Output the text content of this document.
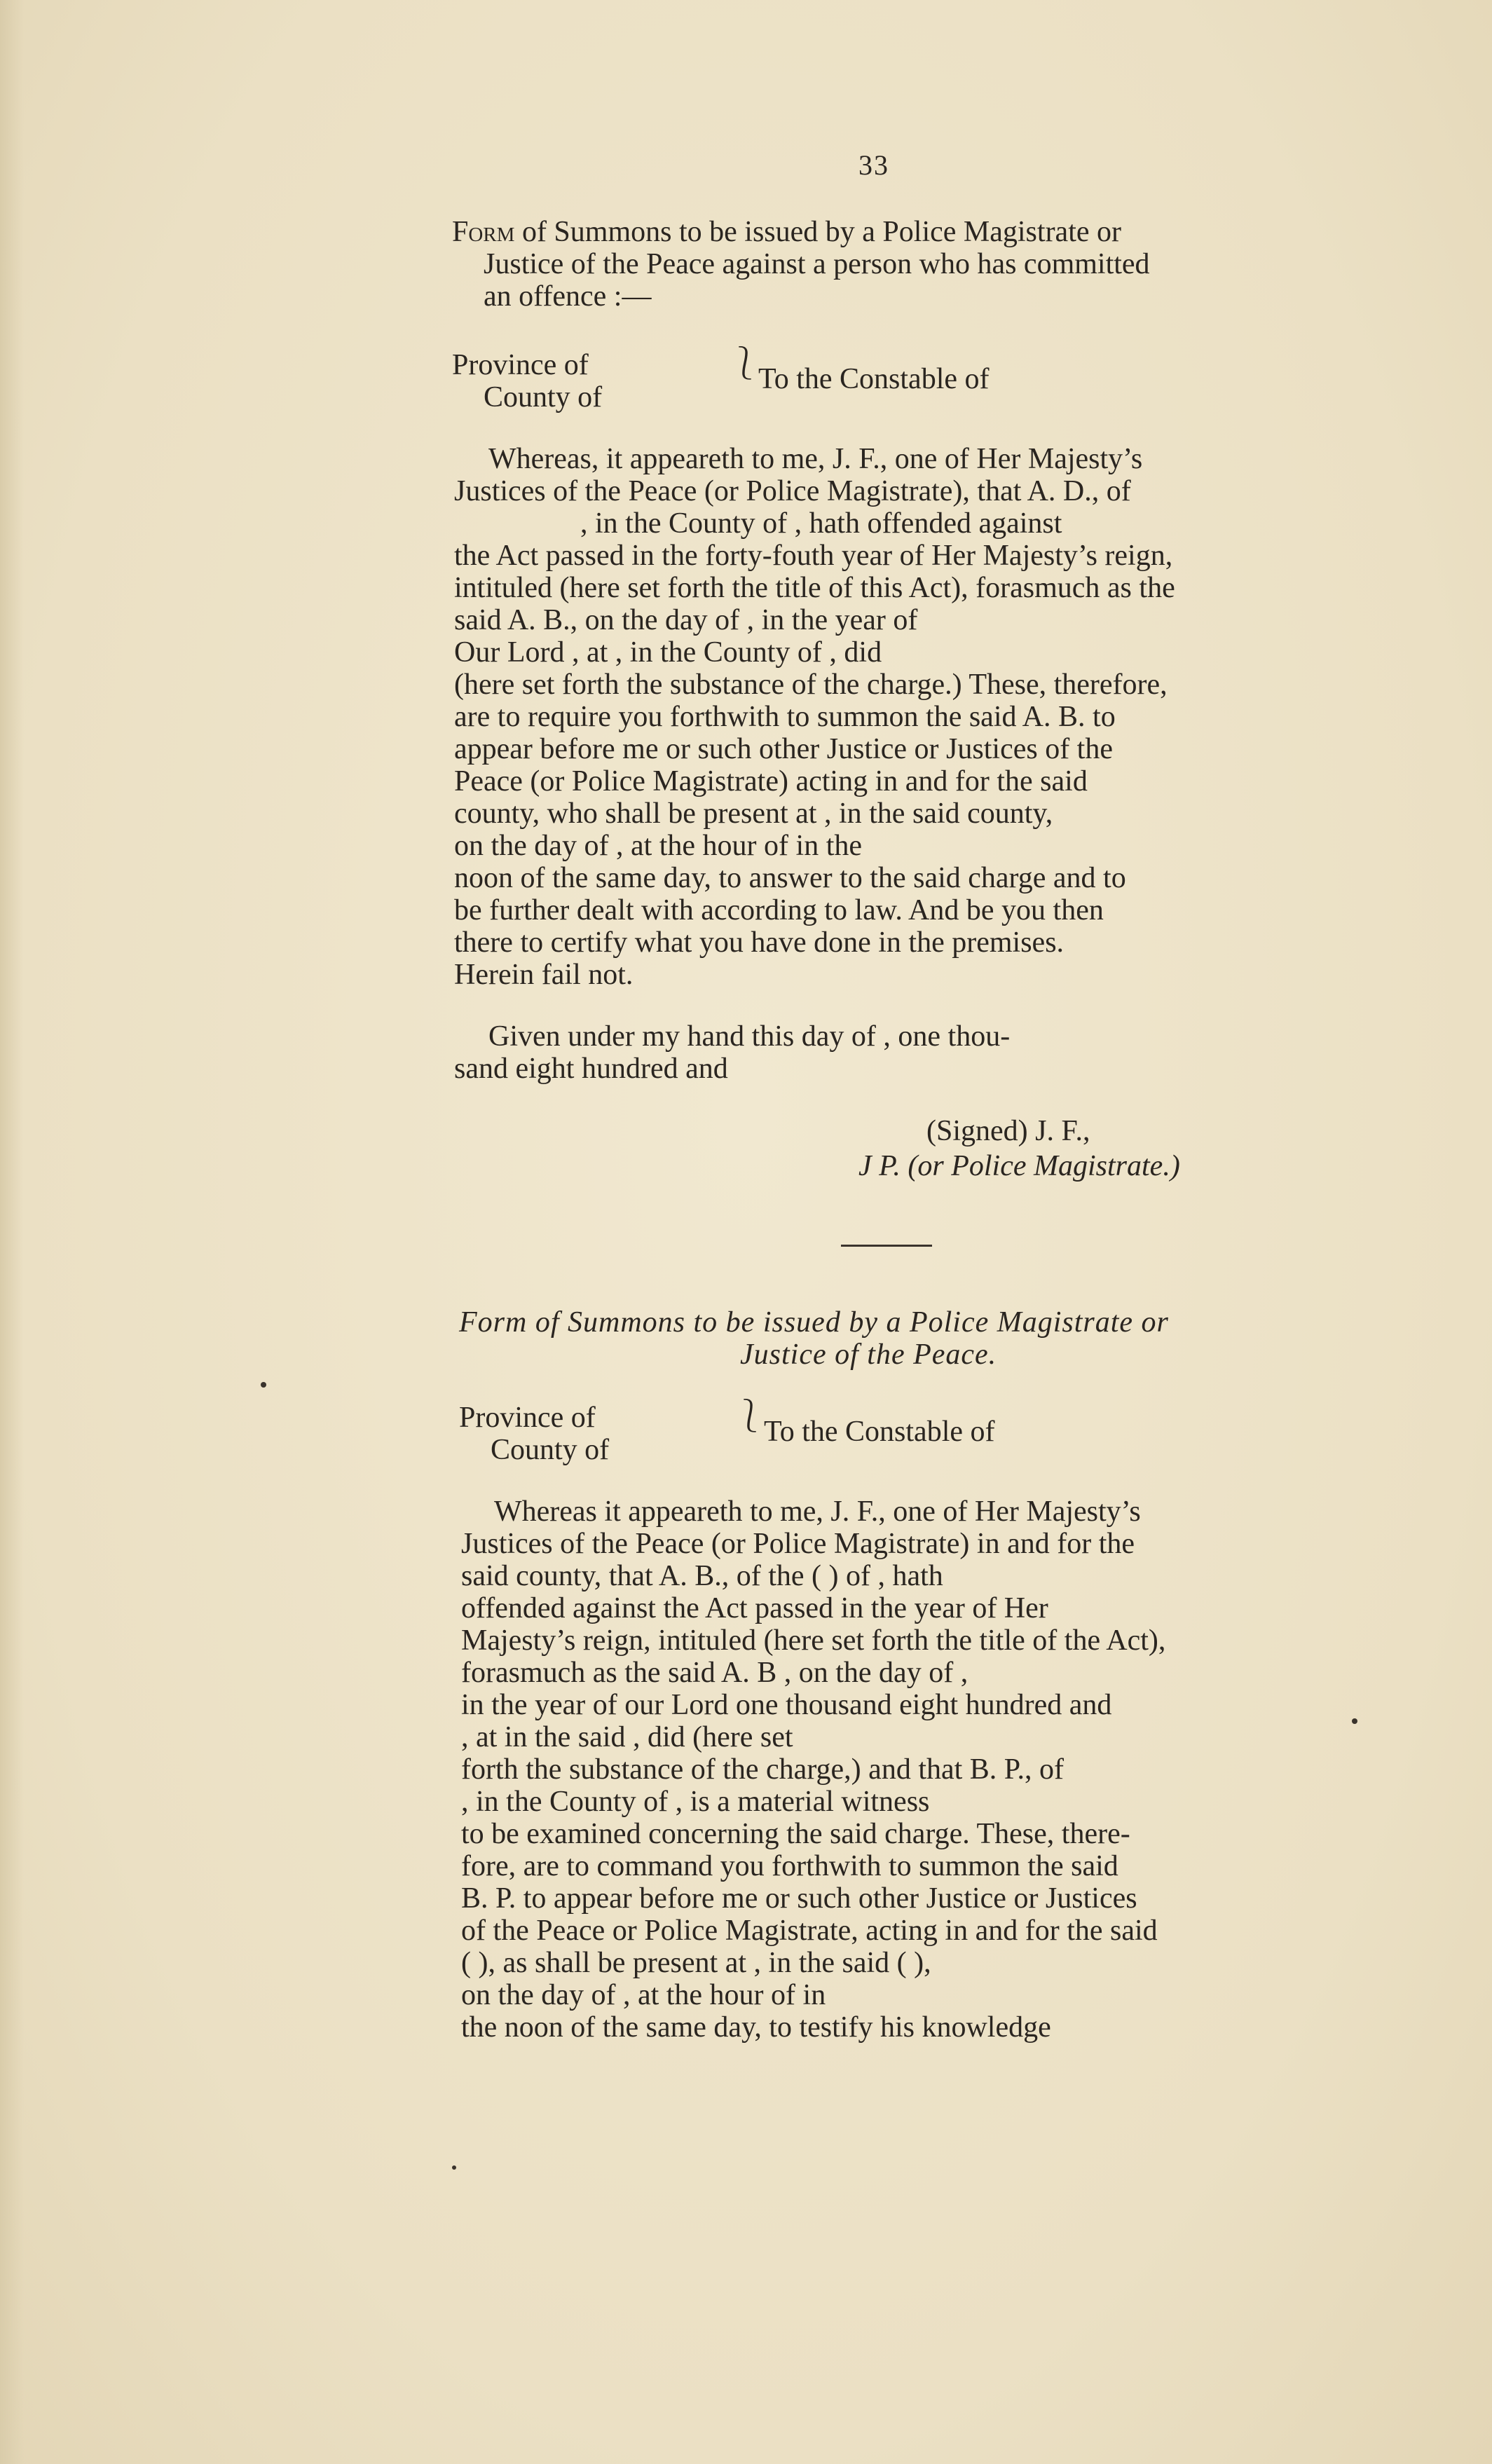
33
Form of Summons to be issued by a Police Magistrate or
Justice of the Peace against a person who has committed
an offence :—
Province of
County of
⎱
To the Constable of
Whereas, it appeareth to me, J. F., one of Her Majesty’s
Justices of the Peace (or Police Magistrate), that A. D., of
, in the County of , hath offended against
the Act passed in the forty-fouth year of Her Majesty’s reign,
intituled (here set forth the title of this Act), forasmuch as the
said A. B., on the day of , in the year of
Our Lord , at , in the County of , did
(here set forth the substance of the charge.) These, therefore,
are to require you forthwith to summon the said A. B. to
appear before me or such other Justice or Justices of the
Peace (or Police Magistrate) acting in and for the said
county, who shall be present at , in the said county,
on the day of , at the hour of in the
noon of the same day, to answer to the said charge and to
be further dealt with according to law. And be you then
there to certify what you have done in the premises.
Herein fail not.
Given under my hand this day of , one thou-
sand eight hundred and
(Signed) J. F.,
J P. (or Police Magistrate.)
Form of Summons to be issued by a Police Magistrate or
Justice of the Peace.
Province of
County of
⎱
To the Constable of
Whereas it appeareth to me, J. F., one of Her Majesty’s
Justices of the Peace (or Police Magistrate) in and for the
said county, that A. B., of the ( ) of , hath
offended against the Act passed in the year of Her
Majesty’s reign, intituled (here set forth the title of the Act),
forasmuch as the said A. B , on the day of ,
in the year of our Lord one thousand eight hundred and
, at in the said , did (here set
forth the substance of the charge,) and that B. P., of
, in the County of , is a material witness
to be examined concerning the said charge. These, there-
fore, are to command you forthwith to summon the said
B. P. to appear before me or such other Justice or Justices
of the Peace or Police Magistrate, acting in and for the said
( ), as shall be present at , in the said ( ),
on the day of , at the hour of in
the noon of the same day, to testify his knowledge
